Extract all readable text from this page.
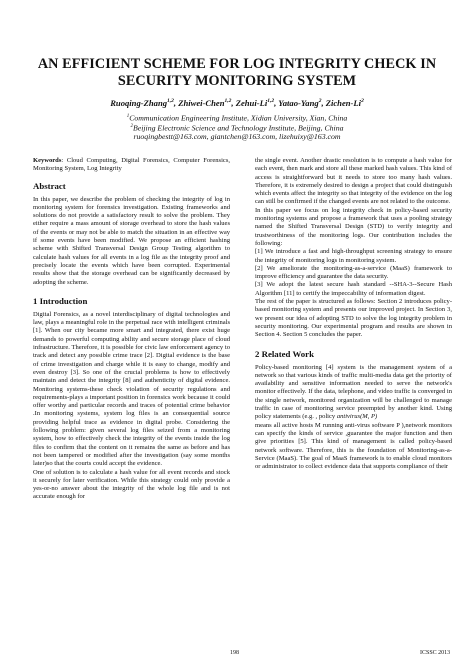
AN EFFICIENT SCHEME FOR LOG INTEGRITY CHECK IN SECURITY MONITORING SYSTEM
Ruoqing-Zhang$^{1,2}$, Zhiwei-Chen$^{1,2}$, Zehui-Li$^{1,2}$, Yatao-Yang$^2$, Zichen-Li$^2$
$^1$Communication Engineering Institute, Xidian University, Xian, China
$^2$Beijing Electronic Science and Technology Institute, Beijing, China
ruoqingbestt@163.com, giantchen@163.com, lizehuixy@163.com

Keywords: Cloud Computing, Digital Forensics, Computer Forensics, Monitoring System, Log Integrity

Abstract

In this paper, we describe the problem of checking the integrity of log in monitoring system for forensics investigation. Existing frameworks and solutions do not provide a satisfactory result to solve the problem. They either require a mass amount of storage overhead to store the hash values of the events or may not be able to match the situation in an effective way if some events have been modified. We propose an efficient hashing scheme with Shifted Transversal Design Group Testing algorithm to calculate hash values for all events in a log file as the integrity proof and precisely locate the events which have been corrupted. Experimental results show that the storage overhead can be significantly decreased by adopting the scheme.

1 Introduction

Digital Forensics, as a novel interdisciplinary of digital technologies and law, plays a meaningful role in the perpetual race with intelligent criminals [1]. When our city became more smart and integrated, there exist huge demands to powerful computing ability and secure storage place of cloud infrastructure. Therefore, it is possible for civic law enforcement agency to track and detect any possible crime trace [2]. Digital evidence is the base of crime investigation and charge while it is easy to change, modify and even destroy [3]. So one of the crucial problems is how to effectively maintain and detect the integrity [8] and authenticity of digital evidence. Monitoring systems-these check violation of security regulations and requirements-plays a important position in forensics work because it could offer worthy and particular records and traces of potential crime behavior .In monitoring systems, system log files is an consequential source providing helpful trace as evidence in digital probe. Considering the following problem: given several log files seized from a monitoring system, how to effectively check the integrity of the events inside the log files to confirm that the content on it remains the same as before and has not been tampered or modified after the investigation (say some months later)so that the courts could accept the evidence.

One of solution is to calculate a hash value for all event records and stock it securely for later verification. While this strategy could only provide a yes-or-no answer about the integrity of the whole log file and is not accurate enough for

the single event. Another drastic resolution is to compute a hash value for each event, then mark and store all these marked hash values. This kind of access is straightforward but it needs to store too many hash values. Therefore, it is extremely desired to design a project that could distinguish which events affect the integrity so that integrity of the evidence on the log can still be confirmed if the changed events are not related to the outcome.

In this paper we focus on log integrity check in policy-based security monitoring systems and propose a framework that uses a pooling strategy named the Shifted Transversal Design (STD) to verify integrity and trustworthiness of the monitoring logs. Our contribution includes the following:

[1] We introduce a fast and high-throughput screening strategy to ensure the integrity of monitoring logs in monitoring system.

[2] We ameliorate the monitoring-as-a-service (MaaS) framework to improve efficiency and guarantee the data security.

[3] We adopt the latest secure hash standard --SHA-3--Secure Hash Algorithm [11] to certify the impeccability of information digest.

The rest of the paper is structured as follows: Section 2 introduces policy-based monitoring system and presents our improved project. In Section 3, we present our idea of adopting STD to solve the log integrity problem in security monitoring. Our experimental program and results are shown in Section 4. Section 5 concludes the paper.

2 Related Work

Policy-based monitoring [4] system is the management system of a network so that various kinds of traffic multi-media data get the priority of availability and sensitive information needed to serve the network's monitor effectively. If the data, telephone, and video traffic is converged in the single network, monitored organization will be challenged to manage traffic in case of monitoring service preempted by another kind. Using policy statements (e.g. , policy antivirus(M, P)

means all active hosts M running anti-virus software P ),network monitors can specify the kinds of service ,guarantee the major function and then give priorities [5]. This kind of management is called policy-based network software. Therefore, this is the foundation of Monitoring-as-a-Service (MaaS). The goal of MaaS framework is to enable cloud monitors or administrator to collect evidence data that supports compliance of their

198	ICSSC 2013
